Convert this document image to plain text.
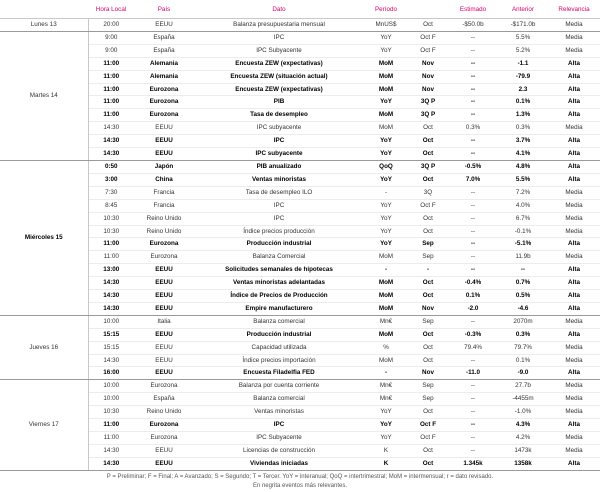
	Hora Local	País	Dato	Período		Estimado	Anterior	Relevancia
Lunes 13	20:00	EEUU	Balanza presupuestaria mensual	MnUS$	Oct	-$50.0b	-$171.0b	Media
Martes 14	9:00	España	IPC	YoY	Oct F	--	5.5%	Media
	9:00	España	IPC Subyacente	YoY	Oct F	--	5.2%	Media
	11:00	Alemania	Encuesta ZEW (expectativas)	MoM	Nov	--	-1.1	Alta
	11:00	Alemania	Encuesta ZEW (situación actual)	MoM	Nov	--	-79.9	Alta
	11:00	Eurozona	Encuesta ZEW (expectativas)	MoM	Nov	--	2.3	Alta
	11:00	Eurozona	PIB	YoY	3Q P	--	0.1%	Alta
	11:00	Eurozona	Tasa de desempleo	MoM	3Q P	--	1.3%	Alta
	14:30	EEUU	IPC subyacente	MoM	Oct	0.3%	0.3%	Media
	14:30	EEUU	IPC	YoY	Oct	--	3.7%	Alta
	14:30	EEUU	IPC subyacente	YoY	Oct	--	4.1%	Alta
Miércoles 15	0:50	Japón	PIB anualizado	QoQ	3Q P	-0.5%	4.8%	Alta
	3:00	China	Ventas minoristas	YoY	Oct	7.0%	5.5%	Alta
	7:30	Francia	Tasa de desempleo ILO	-	3Q	--	7.2%	Media
	8:45	Francia	IPC	YoY	Oct F	--	4.0%	Media
	10:30	Reino Unido	IPC	YoY	Oct	--	6.7%	Media
	10:30	Reino Unido	Índice precios producción	YoY	Oct	--	-0.1%	Media
	11:00	Eurozona	Producción industrial	YoY	Sep	--	-5.1%	Alta
	11:00	Eurozona	Balanza Comercial	MoM	Sep	--	11.9b	Media
	13:00	EEUU	Solicitudes semanales de hipotecas	-	-	--	--	Alta
	14:30	EEUU	Ventas minoristas adelantadas	MoM	Oct	-0.4%	0.7%	Alta
	14:30	EEUU	Índice de Precios de Producción	MoM	Oct	0.1%	0.5%	Alta
	14:30	EEUU	Empire manufacturero	MoM	Nov	-2.0	-4.6	Alta
Jueves 16	10:00	Italia	Balanza comercial	Mn€	Sep	--	2070m	Media
	15:15	EEUU	Producción industrial	MoM	Oct	-0.3%	0.3%	Alta
	15:15	EEUU	Capacidad utilizada	%	Oct	79.4%	79.7%	Media
	14:30	EEUU	Índice precios importación	MoM	Oct	--	0.1%	Media
	16:00	EEUU	Encuesta Filadelfia FED	-	Nov	-11.0	-9.0	Alta
Viernes 17	10:00	Eurozona	Balanza por cuenta corriente	Mn€	Sep	--	27.7b	Media
	10:00	España	Balanza comercial	Mn€	Sep	--	-4455m	Media
	10:30	Reino Unido	Ventas minoristas	YoY	Oct	--	-1.0%	Media
	11:00	Eurozona	IPC	YoY	Oct F	--	4.3%	Alta
	11:00	Eurozona	IPC Subyacente	YoY	Oct F	--	4.2%	Media
	14:30	EEUU	Licencias de construcción	K	Oct	--	1473k	Media
	14:30	EEUU	Viviendas iniciadas	K	Oct	1.345k	1358k	Alta
P = Preliminar; F = Final; A = Avanzado; S = Segundo; T = Tercer. YoY = interanual; QoQ = intertrimestral; MoM = intermensual; r = dato revisado.
En negrita eventos más relevantes.
